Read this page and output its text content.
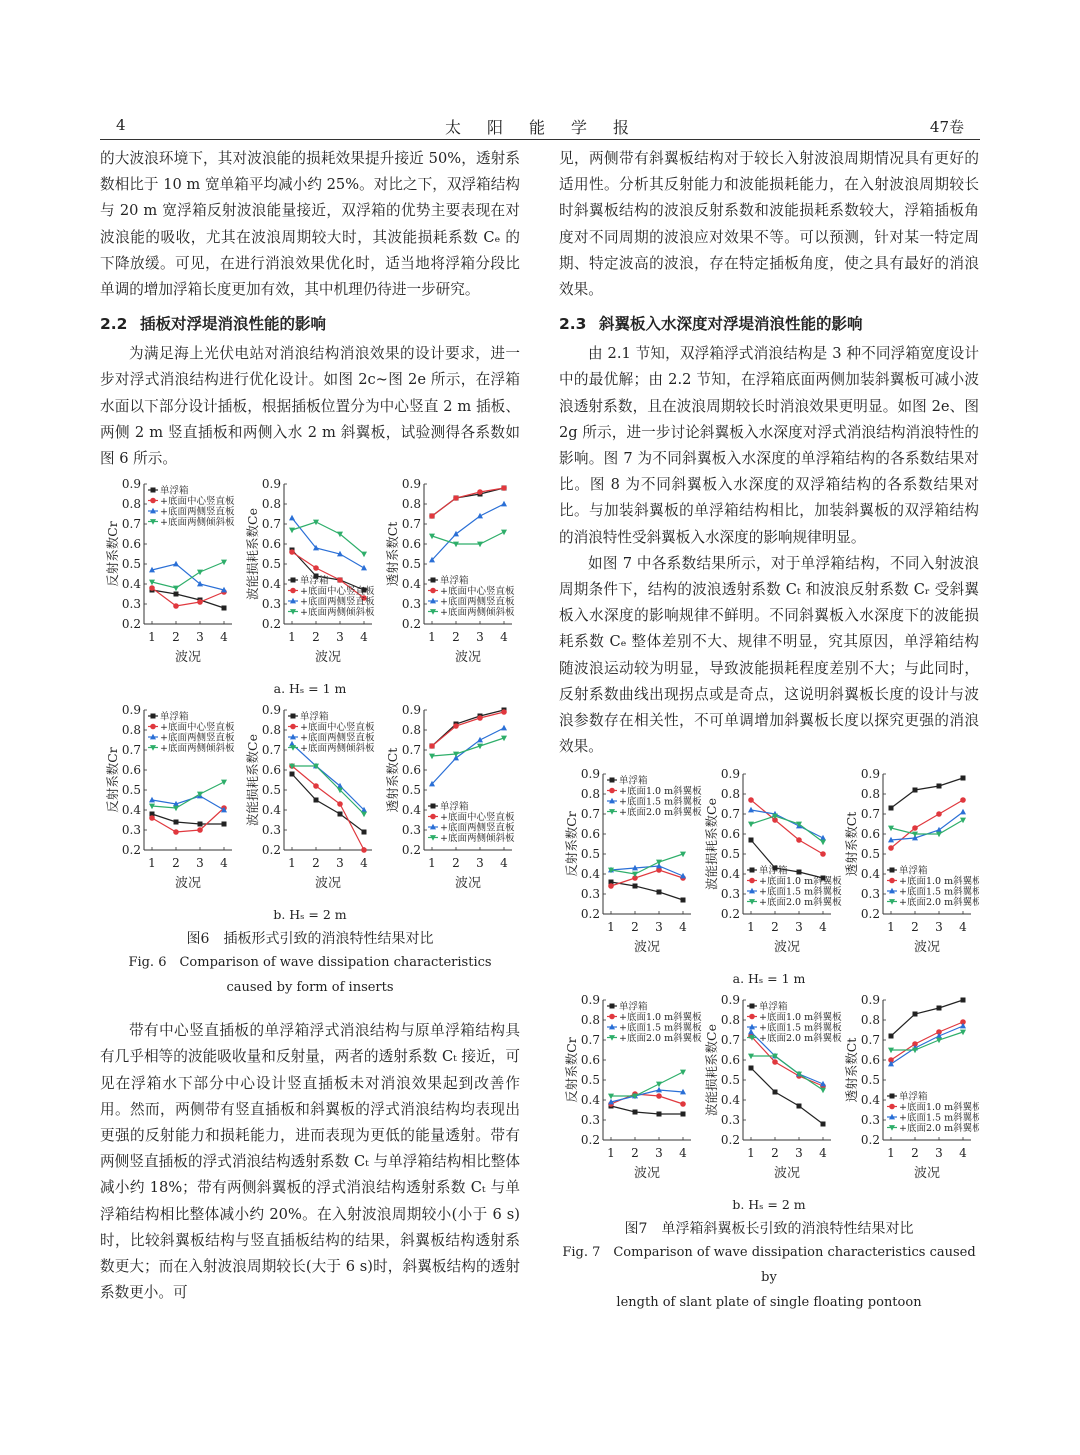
4	太阳能学报	47卷

的大波浪环境下，其对波浪能的损耗效果提升接近 50%，透射系数相比于 10 m 宽单箱平均减小约 25%。对比之下，双浮箱结构与 20 m 宽浮箱反射波浪能量接近，双浮箱的优势主要表现在对波浪能的吸收，尤其在波浪周期较大时，其波能损耗系数 Cₑ 的下降放缓。可见，在进行消浪效果优化时，适当地将浮箱分段比单调的增加浮箱长度更加有效，其中机理仍待进一步研究。

2.2 插板对浮堤消浪性能的影响

为满足海上光伏电站对消浪结构消浪效果的设计要求，进一步对浮式消浪结构进行优化设计。如图 2c~图 2e 所示，在浮箱水面以下部分设计插板，根据插板位置分为中心竖直 2 m 插板、两侧 2 m 竖直插板和两侧入水 2 m 斜翼板，试验测得各系数如图 6 所示。

0.2
0.3
0.4
0.5
0.6
0.7
0.8
0.9
1 2 3 4
波况
反射系数Cr
单浮箱
+底面中心竖直板
+底面两侧竖直板
+底面两侧倾斜板
0.2
0.3
0.4
0.5
0.6
0.7
0.8
0.9
1 2 3 4
波况
波能损耗系数Ce	单浮箱
+底面中心竖直板
+底面两侧竖直板
+底面两侧倾斜板
0.2
0.3
0.4
0.5
0.6
0.7
0.8
0.9
1 2 3 4
波况
透射系数Ct	单浮箱
+底面中心竖直板
+底面两侧竖直板
+底面两侧倾斜板
a. Hₛ = 1 m
0.2
0.3
0.4
0.5
0.6
0.7
0.8
0.9
1 2 3 4
波况
反射系数Cr
单浮箱
+底面中心竖直板
+底面两侧竖直板
+底面两侧倾斜板
0.2
0.3
0.4
0.5
0.6
0.7
0.8
0.9
1 2 3 4
波况
波能损耗系数Ce
单浮箱
+底面中心竖直板
+底面两侧竖直板
+底面两侧倾斜板
0.2
0.3
0.4
0.5
0.6
0.7
0.8
0.9
1 2 3 4
波况
透射系数Ct	单浮箱
+底面中心竖直板
+底面两侧竖直板
+底面两侧倾斜板
b. Hₛ = 2 m
图6　插板形式引致的消浪特性结果对比
Fig. 6　Comparison of wave dissipation characteristics
caused by form of inserts

带有中心竖直插板的单浮箱浮式消浪结构与原单浮箱结构具有几乎相等的波能吸收量和反射量，两者的透射系数 Cₜ 接近，可见在浮箱水下部分中心设计竖直插板未对消浪效果起到改善作用。然而，两侧带有竖直插板和斜翼板的浮式消浪结构均表现出更强的反射能力和损耗能力，进而表现为更低的能量透射。带有两侧竖直插板的浮式消浪结构透射系数 Cₜ 与单浮箱结构相比整体减小约 18%；带有两侧斜翼板的浮式消浪结构透射系数 Cₜ 与单浮箱结构相比整体减小约 20%。在入射波浪周期较小(小于 6 s)时，比较斜翼板结构与竖直插板结构的结果，斜翼板结构透射系数更大；而在入射波浪周期较长(大于 6 s)时，斜翼板结构的透射系数更小。可

见，两侧带有斜翼板结构对于较长入射波浪周期情况具有更好的适用性。分析其反射能力和波能损耗能力，在入射波浪周期较长时斜翼板结构的波浪反射系数和波能损耗系数较大，浮箱插板角度对不同周期的波浪应对效果不等。可以预测，针对某一特定周期、特定波高的波浪，存在特定插板角度，使之具有最好的消浪效果。

2.3 斜翼板入水深度对浮堤消浪性能的影响

由 2.1 节知，双浮箱浮式消浪结构是 3 种不同浮箱宽度设计中的最优解；由 2.2 节知，在浮箱底面两侧加装斜翼板可减小波浪透射系数，且在波浪周期较长时消浪效果更明显。如图 2e、图 2g 所示，进一步讨论斜翼板入水深度对浮式消浪结构消浪特性的影响。图 7 为不同斜翼板入水深度的单浮箱结构的各系数结果对比。图 8 为不同斜翼板入水深度的双浮箱结构的各系数结果对比。与加装斜翼板的单浮箱结构相比，加装斜翼板的双浮箱结构的消浪特性受斜翼板入水深度的影响规律明显。

如图 7 中各系数结果所示，对于单浮箱结构，不同入射波浪周期条件下，结构的波浪透射系数 Cₜ 和波浪反射系数 Cᵣ 受斜翼板入水深度的影响规律不鲜明。不同斜翼板入水深度下的波能损耗系数 Cₑ 整体差别不大、规律不明显，究其原因，单浮箱结构随波浪运动较为明显，导致波能损耗程度差别不大；与此同时，反射系数曲线出现拐点或是奇点，这说明斜翼板长度的设计与波浪参数存在相关性，不可单调增加斜翼板长度以探究更强的消浪效果。

0.2
0.3
0.4
0.5
0.6
0.7
0.8
0.9
1 2 3 4
波况
反射系数Cr
单浮箱
+底面1.0 m斜翼板
+底面1.5 m斜翼板
+底面2.0 m斜翼板
0.2
0.3
0.4
0.5
0.6
0.7
0.8
0.9
1 2 3 4
波况
波能损耗系数Ce	单浮箱
+底面1.0 m斜翼板
+底面1.5 m斜翼板
+底面2.0 m斜翼板
0.2
0.3
0.4
0.5
0.6
0.7
0.8
0.9
1 2 3 4
波况
透射系数Ct	单浮箱
+底面1.0 m斜翼板
+底面1.5 m斜翼板
+底面2.0 m斜翼板
a. Hₛ = 1 m
0.2
0.3
0.4
0.5
0.6
0.7
0.8
0.9
1 2 3 4
波况
反射系数Cr
单浮箱
+底面1.0 m斜翼板
+底面1.5 m斜翼板
+底面2.0 m斜翼板
0.2
0.3
0.4
0.5
0.6
0.7
0.8
0.9
1 2 3 4
波况
波能损耗系数Ce
单浮箱
+底面1.0 m斜翼板
+底面1.5 m斜翼板
+底面2.0 m斜翼板
0.2
0.3
0.4
0.5
0.6
0.7
0.8
0.9
1 2 3 4
波况
透射系数Ct	单浮箱
+底面1.0 m斜翼板
+底面1.5 m斜翼板
+底面2.0 m斜翼板
b. Hₛ = 2 m
图7　单浮箱斜翼板长引致的消浪特性结果对比
Fig. 7　Comparison of wave dissipation characteristics caused by
length of slant plate of single floating pontoon
